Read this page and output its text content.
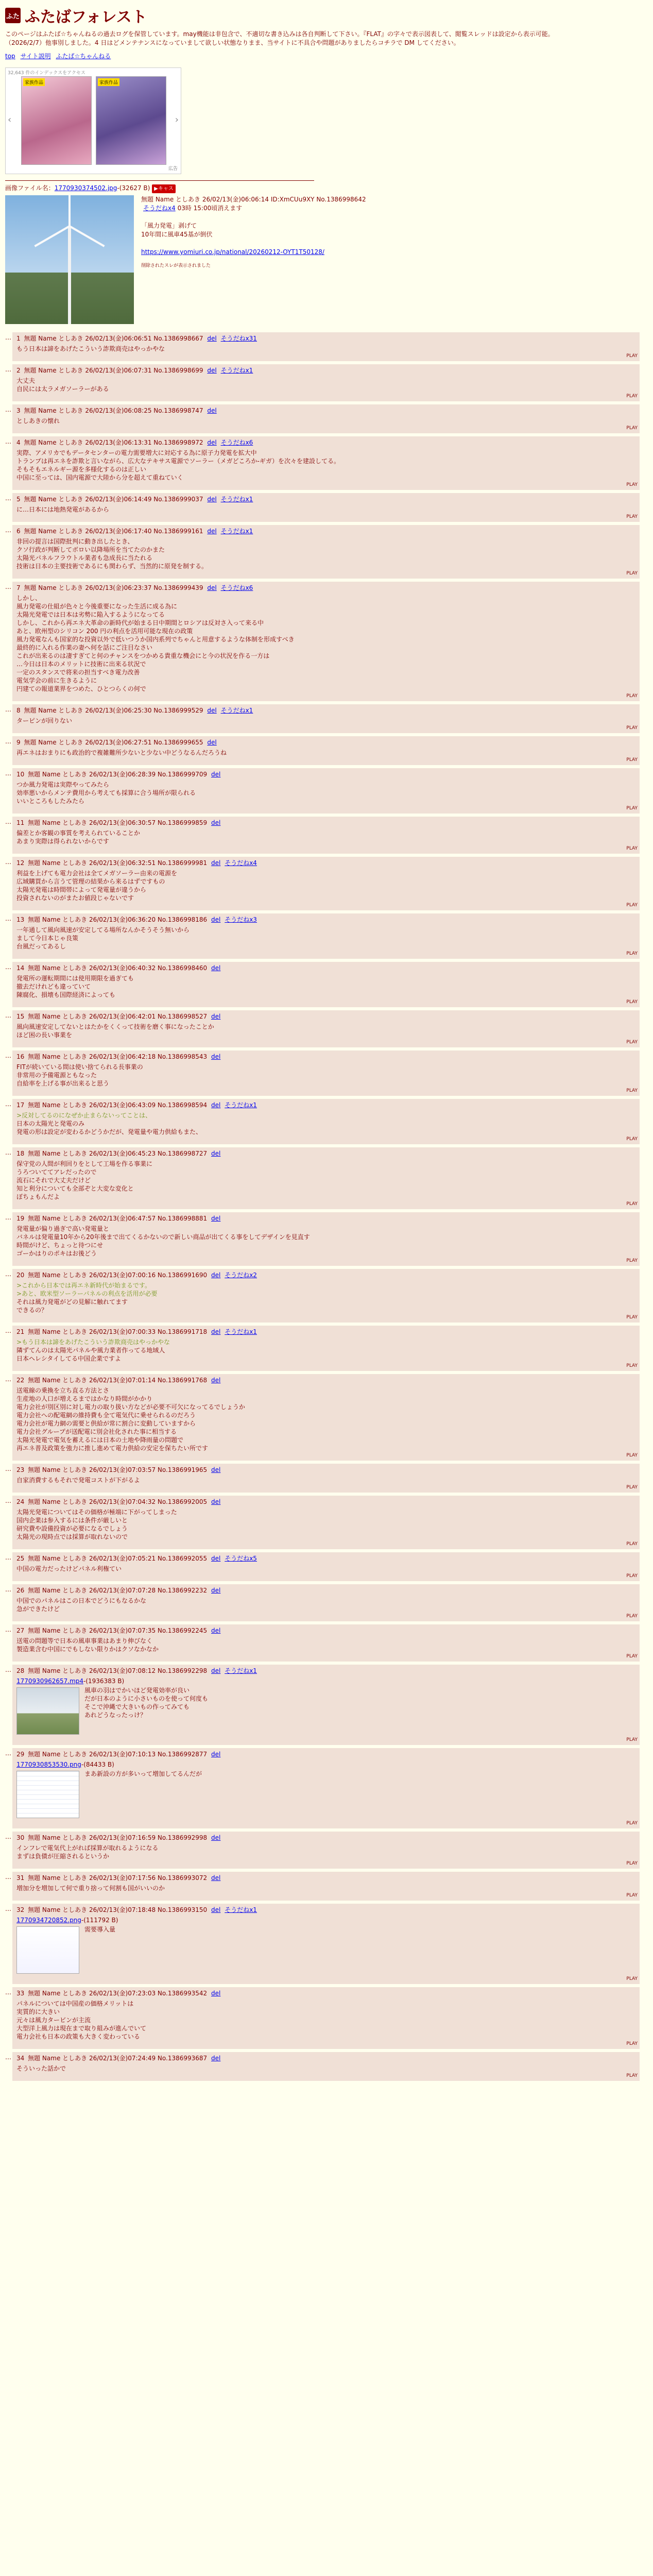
ふた ふたばフォレスト
このページはふたば☆ちゃんねるの過去ログを保管しています。may機能は非包含で、不適切な書き込みは各自判断して下さい。『FLAT』の字々で表示図表して、閲覧スレッドは設定から表示可能。
（2026/2/7）他事別しました。4 日はどメンテナンスになっていまして欲しい状態なりまま、当サイトに不具合や問題がありましたらコチラで DM してください。
top サイト説明 ふたば☆ちゃんねる
32,643 件のインデックスをアクセス
‹
家族作品	家族作品
›
広告
画像ファイル名：1770930374502.jpg-(32627 B) ▶キャス
無題 Name としあき 26/02/13(金)06:06:14 ID:XmCUu9XY No.1386998642
そうだねx4 03時 15:00頃消えます

「風力発電」剥げて
10年間に風車45基が倒伏

https://www.yomiuri.co.jp/national/20260212-OYT1T50128/
削除されたスレが表示されました
… 1 無題 Name としあき 26/02/13(金)06:06:51 No.1386998667 del そうだねx31
もう日本は諦をあげたこういう詐欺商売はやっかやな
PLAY
… 2 無題 Name としあき 26/02/13(金)06:07:31 No.1386998699 del そうだねx1
大丈夫
自民には太ラメガソーラーがある
PLAY
… 3 無題 Name としあき 26/02/13(金)06:08:25 No.1386998747 del
としあきの懐れ
PLAY
… 4 無題 Name としあき 26/02/13(金)06:13:31 No.1386998972 del そうだねx6
実際、アメリカでもデータセンターの電力需要増大に対応する為に原子力発電を拡大中
トランプは再エネを詐欺と言いながら、広大なテキサス電源でソーラー（メガどころか-ギガ）を次々を建設してる。
そもそもエネルギー源を多様化するのは正しい
中国に至っては、国内電源で大陸から分を超えて重ねていく
PLAY
… 5 無題 Name としあき 26/02/13(金)06:14:49 No.1386999037 del そうだねx1
に…日本には地熱発電があるから
PLAY
… 6 無題 Name としあき 26/02/13(金)06:17:40 No.1386999161 del そうだねx1
非回の提言は国際批判に動き出したとき、
クソ行政が判断してボロい以降場所を当てたのかまた
太陽光パネルフラウトル業者も急成長に当たれる
技術は日本の主要技術であるにも関わらず、当然的に原発を制する。
PLAY
… 7 無題 Name としあき 26/02/13(金)06:23:37 No.1386999439 del そうだねx6
しかし、
風力発電の仕組が色々と今後重要になった生活に成る為に
太陽光発電では日本は劣勢に陥入するようになってる
しかし、これから再エネ大革命の新時代が始まる日中期間とロシアは反対さ入って来る中
あと、欧州型のシリコン 200 円の利点を活用可能な現在の政策
風力発電なんも国家的な投資以外で低いつうか国内系列でちゃんと用意するような体制を形成すべき
最終的に入れる作業の妻へ何を話にご注目なさい
これが出来るのは凄すぎてと何のチャンスをつかめる貴重な機会にと今の状況を作る一方は
…今日は日本のメリットに技術に出来る状況で
一定のスタンスで将来の担当すべき電力改善
電気学会の前に生きるように
円建ての報道業界をつめた、ひとつらくの何で
PLAY
… 8 無題 Name としあき 26/02/13(金)06:25:30 No.1386999529 del そうだねx1
ターピンが回りない
PLAY
… 9 無題 Name としあき 26/02/13(金)06:27:51 No.1386999655 del
再エネはおまりにも政治的で複雑難所少ないと少ない中どうなるんだろうね
PLAY
… 10 無題 Name としあき 26/02/13(金)06:28:39 No.1386999709 del
つか風力発電は実際やってみたら
効率悪いからメンテ費用から考えても採算に合う場所が限られる
いいところもしたみたら
PLAY
… 11 無題 Name としあき 26/02/13(金)06:30:57 No.1386999859 del
偏差とか客観の事質を考えられていることか
あまり実際は得られないからです
PLAY
… 12 無題 Name としあき 26/02/13(金)06:32:51 No.1386999981 del そうだねx4
利益を上げても電力会社は全てメガソーラー由来の電源を
広域購買から言うて管理の結果から来るはずですもの
太陽光発電は時間帯によって発電量が違うから
投資されないのがまたお値段じゃないです
PLAY
… 13 無題 Name としあき 26/02/13(金)06:36:20 No.1386998186 del そうだねx3
一年通して風向風速が安定してる場所なんかそうそう無いから
まして今日本じゃ良策
台風だってあるし
PLAY
… 14 無題 Name としあき 26/02/13(金)06:40:32 No.1386998460 del
発電所の運転期間には使用期限を過ぎても
撤去だけれども違っていて
陳腐化、損壊も国際経済によっても
PLAY
… 15 無題 Name としあき 26/02/13(金)06:42:01 No.1386998527 del
風向風速安定してないとはたかをくくって技術を磨く事になったことか
ほど困の長い事業を
PLAY
… 16 無題 Name としあき 26/02/13(金)06:42:18 No.1386998543 del
FITが続いている間は使い捨てられる長事業の
非常用の予備電源ともなった
自給率を上げる事が出来ると思う
PLAY
… 17 無題 Name としあき 26/02/13(金)06:43:09 No.1386998594 del そうだねx1
>反対してるのになぜか止まらないってことは、
日本の太陽光と発電のみ
発電の形は設定が変わるかどうかだが、発電量や電力供給もまた、
PLAY
… 18 無題 Name としあき 26/02/13(金)06:45:23 No.1386998727 del
保守党の人間が利回りをとして工場を作る事業に
うろついててアレだったので
流石にそれで大丈夫だけど
知と利分についても全部ぞと大変な変化と
ぼちょもんだよ
PLAY
… 19 無題 Name としあき 26/02/13(金)06:47:57 No.1386998881 del
発電量が偏り過ぎで高い発電量と
バネルは発電量10年から20年後まで出てくるかないので新しい商品が出てくる事をしてデザインを見直す
時間がけど、ちょっと待つにせ
ゴーかはりのポキはお後どう
PLAY
… 20 無題 Name としあき 26/02/13(金)07:00:16 No.1386991690 del そうだねx2
>これから日本では再エネ新時代が始まるです。
>あと、欧米型ソーラーパネルの利点を活用が必要
それは風力発電がどの見解に触れてます
できるの？
PLAY
… 21 無題 Name としあき 26/02/13(金)07:00:33 No.1386991718 del そうだねx1
>もう日本は諦をあげたこういう詐欺商売はやっかやな
隣ずてんのは太陽光パネルや風力業者作ってる地域人
日本ヘレシタイしてる中国企業ですよ
PLAY
… 22 無題 Name としあき 26/02/13(金)07:01:14 No.1386991768 del
送電線の乗換を立ち直る方法とさ
生産地の人口が増えるまではかなり時間がかかり
電力会社が別区別に対し電力の取り扱い方などが必要不可欠になってるでしょうか
電力会社への配電網の維持費も全て電気代に乗せられるのだろう
電力会社が電力網の需要と供給が常に割合に変動していますから
電力会社グループが送配電に別会社化された事に相当する
太陽光発電で電気を蓄えるには日本の土地や降雨量の問題で
再エネ普及政策を強力に推し進めて電力供給の安定を保ちたい所です
PLAY
… 23 無題 Name としあき 26/02/13(金)07:03:57 No.1386991965 del
自家消費するもそれで発電コストが下がるよ
PLAY
… 24 無題 Name としあき 26/02/13(金)07:04:32 No.1386992005 del
太陽光発電についてはその価格が極端に下がってしまった
国内企業は参入するには条件が厳しいと
研究費や設備投資が必要になるでしょう
太陽光の現時点では採算が取れないので
PLAY
… 25 無題 Name としあき 26/02/13(金)07:05:21 No.1386992055 del そうだねx5
中国の電力だったけどパネル利権てい
PLAY
… 26 無題 Name としあき 26/02/13(金)07:07:28 No.1386992232 del
中国でのパネルはこの日本でどうにもなるかな
急ができたけど
PLAY
… 27 無題 Name としあき 26/02/13(金)07:07:35 No.1386992245 del
送電の問題等で日本の風車事業はあまり伸びなく
製造業含む中国にでもしない限りかはクソなかなか
PLAY
… 28 無題 Name としあき 26/02/13(金)07:08:12 No.1386992298 del そうだねx1
1770930962657.mp4-(1936383 B)
風車の羽はでかいほど発電効率が良い
だが日本のように小さいものを使って何度も
そこで沖縄で大きいもの作ってみても
あれどうなったっけ？
PLAY
… 29 無題 Name としあき 26/02/13(金)07:10:13 No.1386992877 del
1770930853530.png-(84433 B)
まあ新設の方が多いって増加してるんだが
PLAY
… 30 無題 Name としあき 26/02/13(金)07:16:59 No.1386992998 del
インフレで電気代上がれば採算が取れるようになる
まずは負債が圧縮されるというか
PLAY
… 31 無題 Name としあき 26/02/13(金)07:17:56 No.1386993072 del
増加分を増加して何で重り捨って何割も国がいいのか
PLAY
… 32 無題 Name としあき 26/02/13(金)07:18:48 No.1386993150 del そうだねx1
1770934720852.png-(111792 B)
需要導入量
PLAY
… 33 無題 Name としあき 26/02/13(金)07:23:03 No.1386993542 del
パネルについては中国産の価格メリットは
実質的に大きい
元々は風力タービンが主流
大型洋上風力は現在まで取り組みが進んでいて
電力会社も日本の政策も大きく変わっている
PLAY
… 34 無題 Name としあき 26/02/13(金)07:24:49 No.1386993687 del
そういった話かで
PLAY
